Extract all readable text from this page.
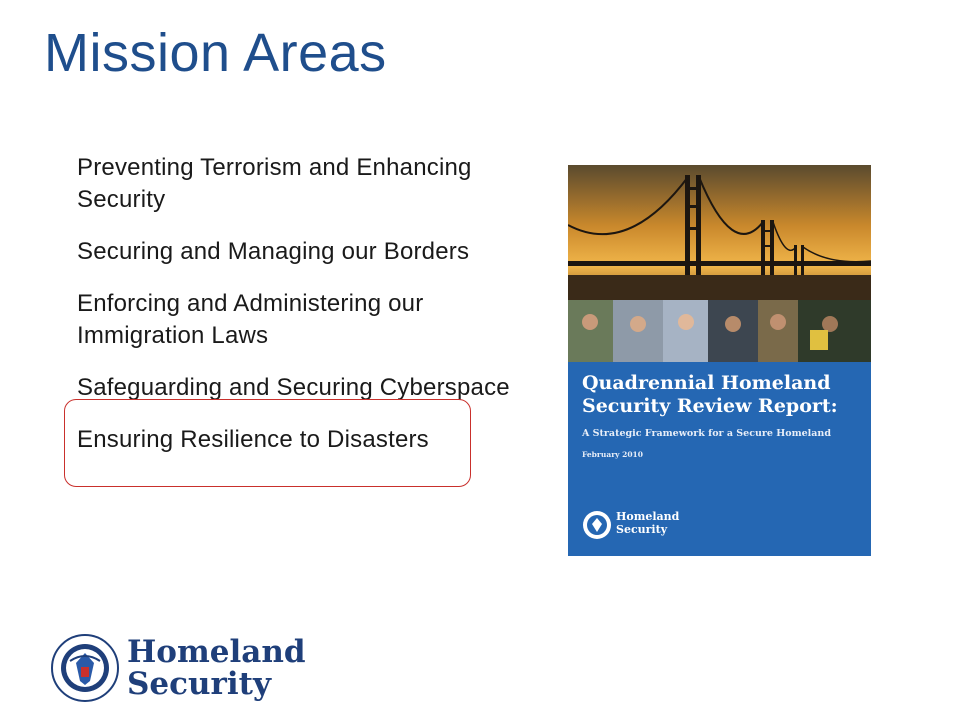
Mission Areas
Preventing Terrorism and Enhancing Security
Securing and Managing our Borders
Enforcing and Administering our Immigration Laws
Safeguarding and Securing Cyberspace
Ensuring Resilience to Disasters
Quadrennial Homeland Security Review Report:
A Strategic Framework for a Secure Homeland
February 2010
Homeland
Security
Homeland
Security
